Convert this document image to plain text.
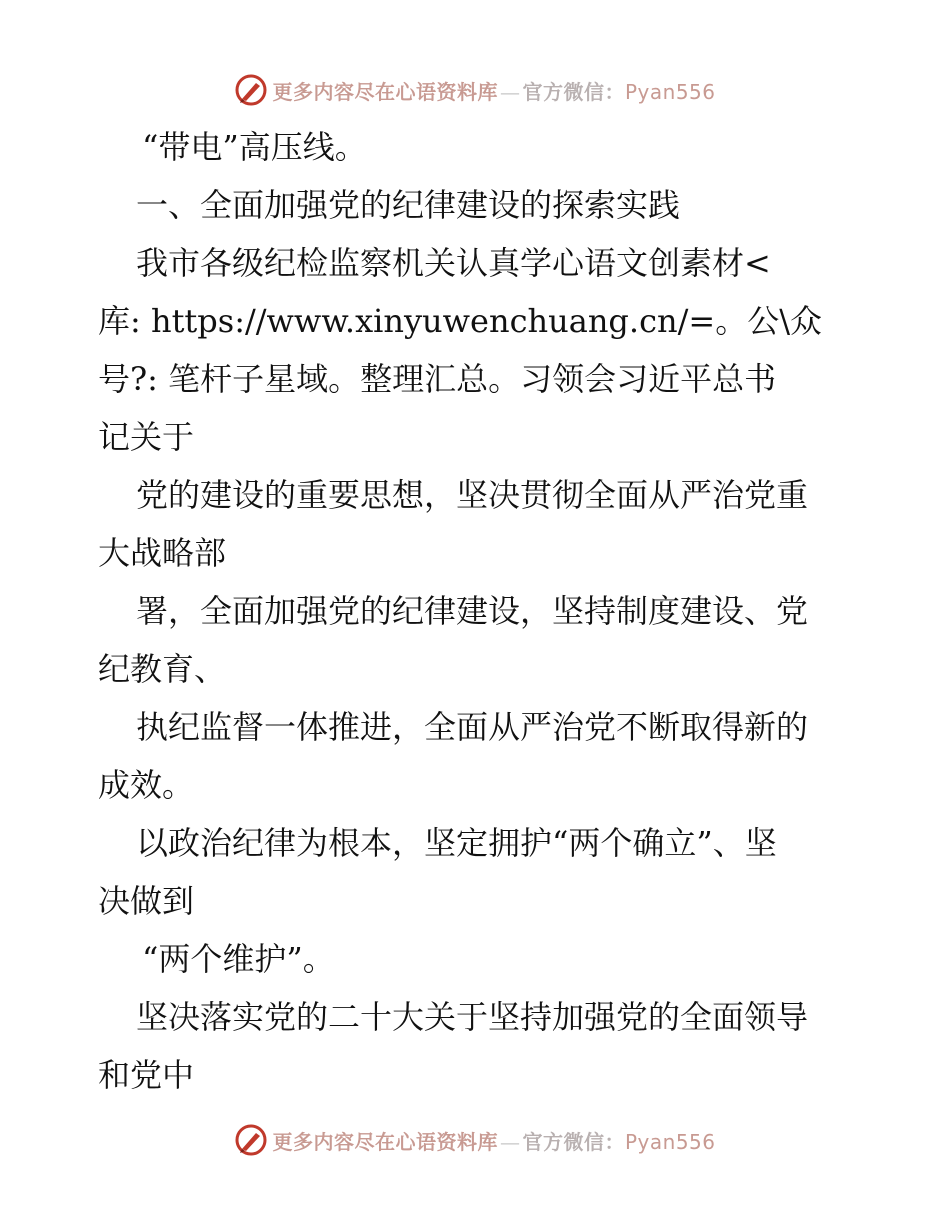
更多内容尽在心语资料库 — 官方微信：Pyan556
“带电”高压线。
一、全面加强党的纪律建设的探索实践
我市各级纪检监察机关认真学心语文创素材<
库: https://www.xinyuwenchuang.cn/=。公\众
号?: 笔杆子星域。整理汇总。习领会习近平总书
记关于
党的建设的重要思想，坚决贯彻全面从严治党重
大战略部
署，全面加强党的纪律建设，坚持制度建设、党
纪教育、
执纪监督一体推进，全面从严治党不断取得新的
成效。
以政治纪律为根本，坚定拥护“两个确立”、坚
决做到
“两个维护”。
坚决落实党的二十大关于坚持加强党的全面领导
和党中
更多内容尽在心语资料库 — 官方微信：Pyan556
